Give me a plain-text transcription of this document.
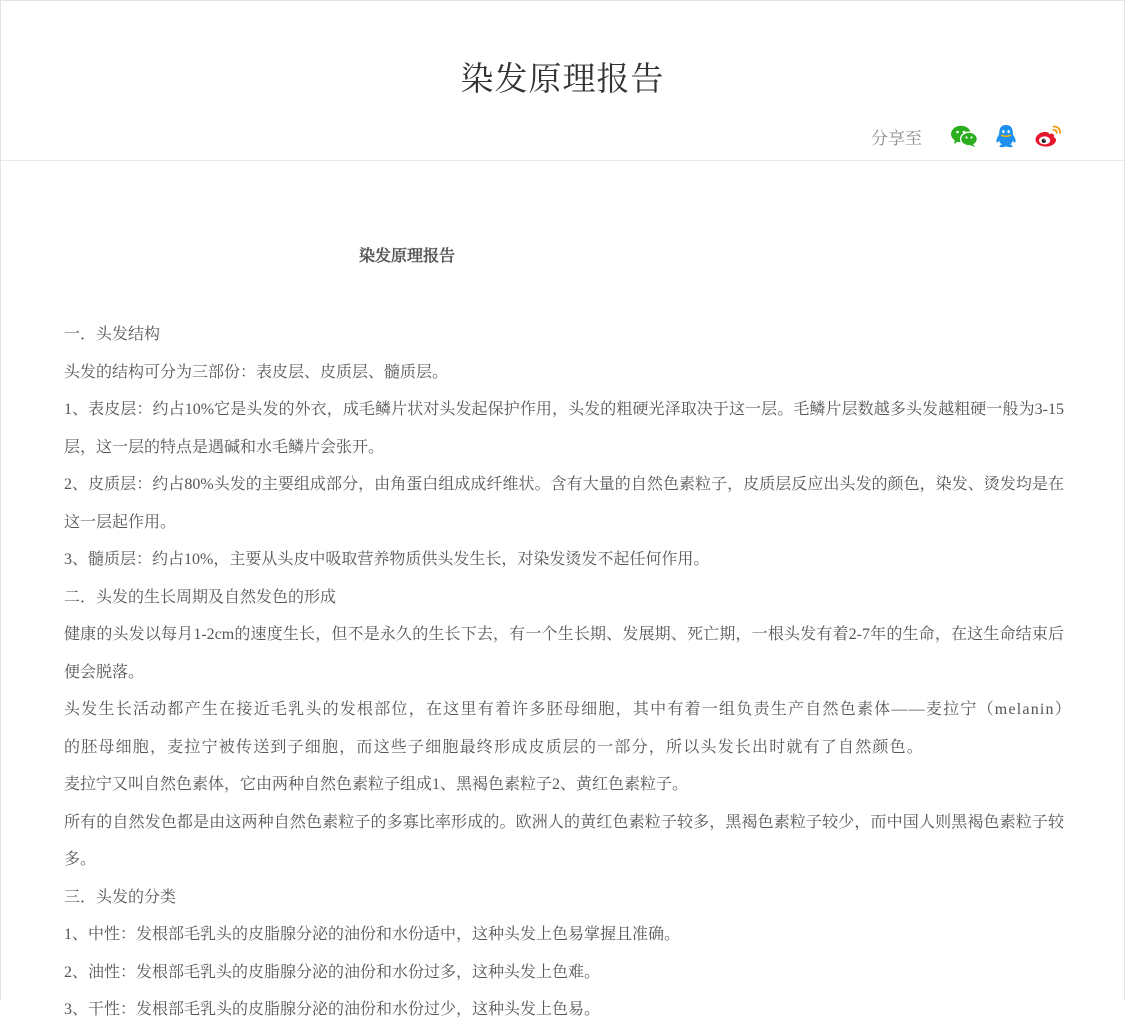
染发原理报告
分享至
染发原理报告

一．头发结构

头发的结构可分为三部份：表皮层、皮质层、髓质层。

1、表皮层：约占10%它是头发的外衣，成毛鳞片状对头发起保护作用，头发的粗硬光泽取决于这一层。毛鳞片层数越多头发越粗硬一般为3-15层，这一层的特点是遇碱和水毛鳞片会张开。

2、皮质层：约占80%头发的主要组成部分，由角蛋白组成成纤维状。含有大量的自然色素粒子，皮质层反应出头发的颜色，染发、烫发均是在这一层起作用。

3、髓质层：约占10%，主要从头皮中吸取营养物质供头发生长，对染发烫发不起任何作用。

二．头发的生长周期及自然发色的形成

健康的头发以每月1-2cm的速度生长，但不是永久的生长下去，有一个生长期、发展期、死亡期，一根头发有着2-7年的生命，在这生命结束后便会脱落。

头发生长活动都产生在接近毛乳头的发根部位，在这里有着许多胚母细胞，其中有着一组负责生产自然色素体——麦拉宁（melanin）的胚母细胞，麦拉宁被传送到子细胞，而这些子细胞最终形成皮质层的一部分，所以头发长出时就有了自然颜色。

麦拉宁又叫自然色素体，它由两种自然色素粒子组成1、黑褐色素粒子2、黄红色素粒子。

所有的自然发色都是由这两种自然色素粒子的多寡比率形成的。欧洲人的黄红色素粒子较多，黑褐色素粒子较少，而中国人则黑褐色素粒子较多。

三．头发的分类

1、中性：发根部毛乳头的皮脂腺分泌的油份和水份适中，这种头发上色易掌握且准确。

2、油性：发根部毛乳头的皮脂腺分泌的油份和水份过多，这种头发上色难。

3、干性：发根部毛乳头的皮脂腺分泌的油份和水份过少，这种头发上色易。
